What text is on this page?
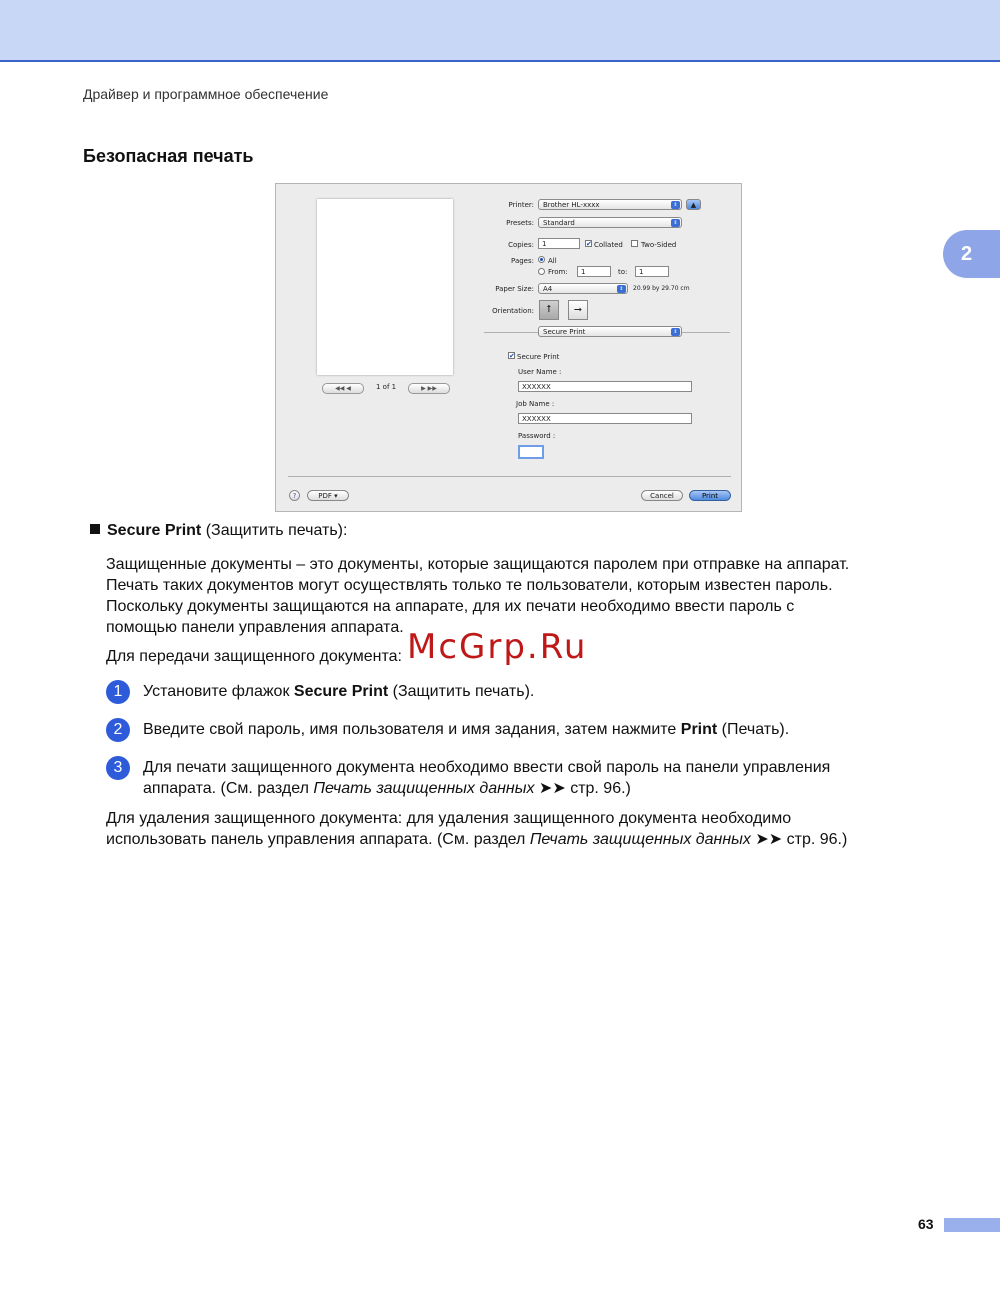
Драйвер и программное обеспечение
Безопасная печать
2
◀◀ ◀	1 of 1	▶ ▶▶
Printer:	Brother HL-xxxx	⇕	▲
Presets:	Standard	⇕
Copies:	1	✔ Collated	Two-Sided
Pages: All
From:	1	to:	1
Paper Size:	A4	⇕	20.99 by 29.70 cm
Orientation:	⭡	⭢
Secure Print	⇕
✔ Secure Print
User Name :
XXXXXX
Job Name :
XXXXXX
Password :
?	PDF ▾	Cancel	Print
Secure Print (Защитить печать):
Защищенные документы – это документы, которые защищаются паролем при отправке на аппарат.
Печать таких документов могут осуществлять только те пользователи, которым известен пароль.
Поскольку документы защищаются на аппарате, для их печати необходимо ввести пароль с
помощью панели управления аппарата.
Для передачи защищенного документа:
1	Установите флажок Secure Print (Защитить печать).
2	Введите свой пароль, имя пользователя и имя задания, затем нажмите Print (Печать).
3	Для печати защищенного документа необходимо ввести свой пароль на панели управления
аппарата. (См. раздел Печать защищенных данных ➤➤ стр. 96.)
Для удаления защищенного документа: для удаления защищенного документа необходимо
использовать панель управления аппарата. (См. раздел Печать защищенных данных ➤➤ стр. 96.)
McGrp.Ru
63
